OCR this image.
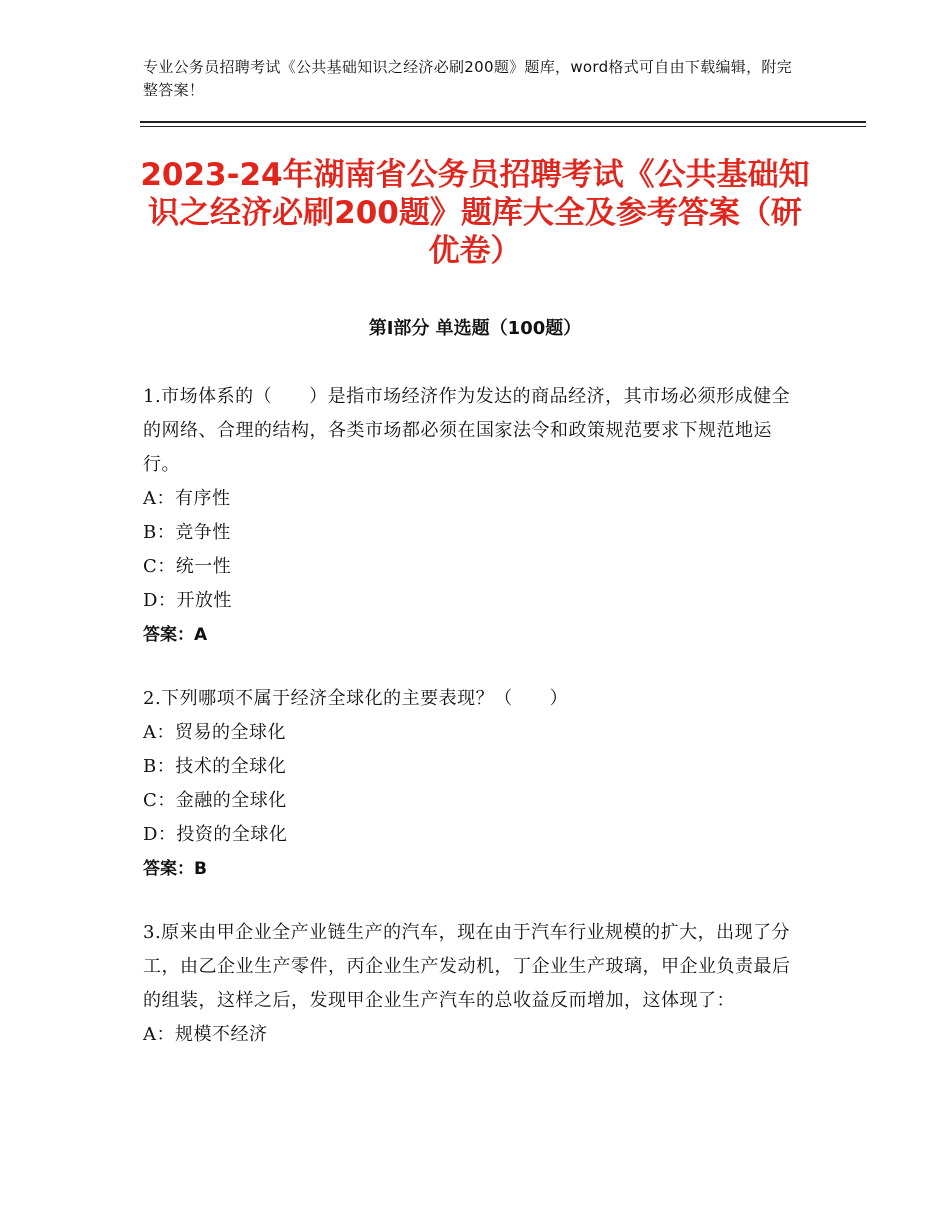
专业公务员招聘考试《公共基础知识之经济必刷200题》题库，word格式可自由下载编辑，附完整答案！
2023-24年湖南省公务员招聘考试《公共基础知识之经济必刷200题》题库大全及参考答案（研优卷）
第Ⅰ部分 单选题（100题）

1.市场体系的（　　）是指市场经济作为发达的商品经济，其市场必须形成健全的网络、合理的结构，各类市场都必须在国家法令和政策规范要求下规范地运行。

A：有序性

B：竞争性

C：统一性

D：开放性

答案：A

2.下列哪项不属于经济全球化的主要表现？（　　）

A：贸易的全球化

B：技术的全球化

C：金融的全球化

D：投资的全球化

答案：B

3.原来由甲企业全产业链生产的汽车，现在由于汽车行业规模的扩大，出现了分工，由乙企业生产零件，丙企业生产发动机，丁企业生产玻璃，甲企业负责最后的组装，这样之后，发现甲企业生产汽车的总收益反而增加，这体现了：

A：规模不经济
